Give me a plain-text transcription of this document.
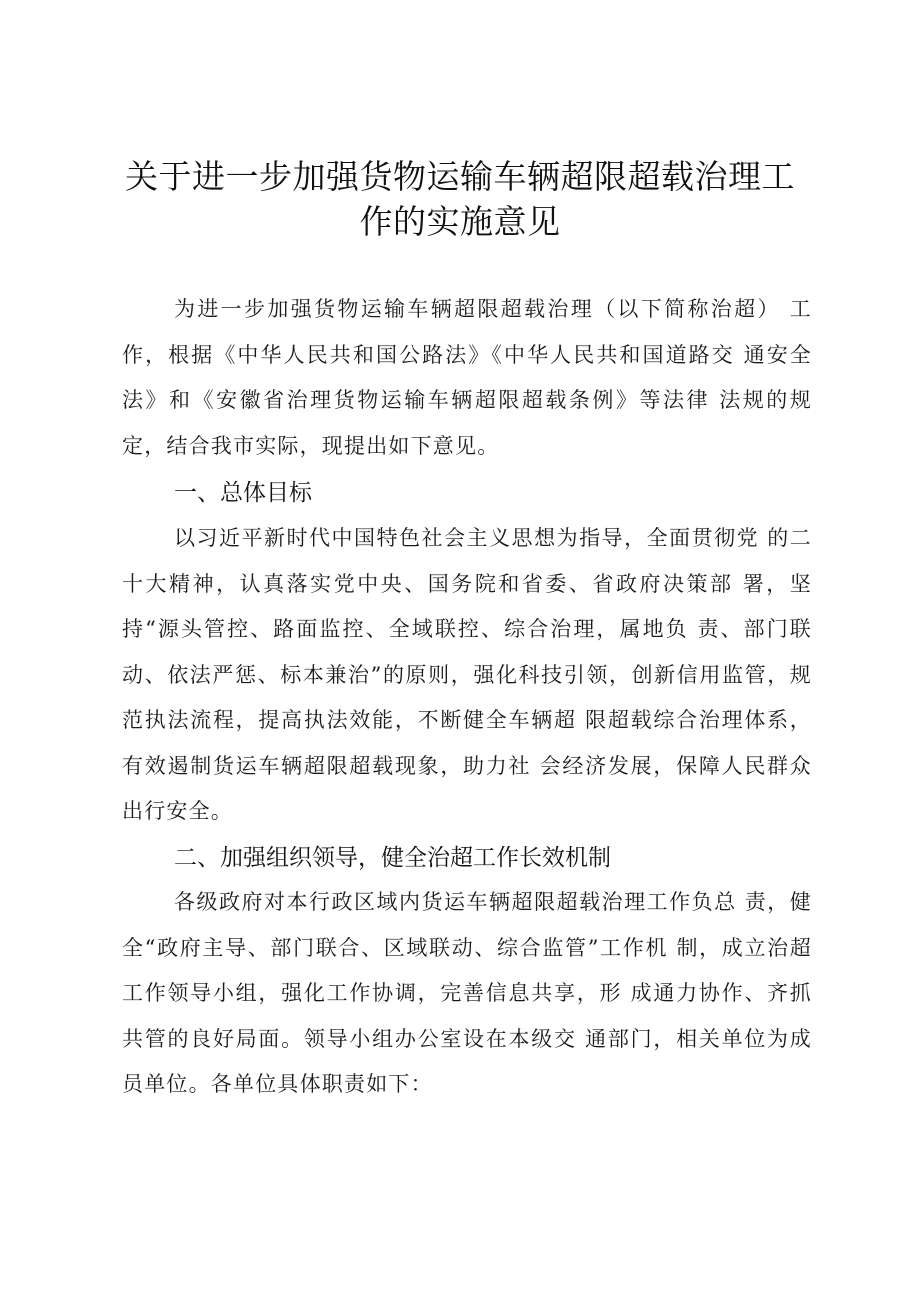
关于进一步加强货物运输车辆超限超载治理工
作的实施意见

为进一步加强货物运输车辆超限超载治理（以下简称治超） 工作，根据《中华人民共和国公路法》《中华人民共和国道路交 通安全法》和《安徽省治理货物运输车辆超限超载条例》等法律 法规的规定，结合我市实际，现提出如下意见。

一、总体目标

以习近平新时代中国特色社会主义思想为指导，全面贯彻党 的二十大精神，认真落实党中央、国务院和省委、省政府决策部 署，坚持“源头管控、路面监控、全域联控、综合治理，属地负 责、部门联动、依法严惩、标本兼治”的原则，强化科技引领，创新信用监管，规范执法流程，提高执法效能，不断健全车辆超 限超载综合治理体系，有效遏制货运车辆超限超载现象，助力社 会经济发展，保障人民群众出行安全。

二、加强组织领导，健全治超工作长效机制

各级政府对本行政区域内货运车辆超限超载治理工作负总 责，健全“政府主导、部门联合、区域联动、综合监管”工作机 制，成立治超工作领导小组，强化工作协调，完善信息共享，形 成通力协作、齐抓共管的良好局面。领导小组办公室设在本级交 通部门，相关单位为成员单位。各单位具体职责如下：
